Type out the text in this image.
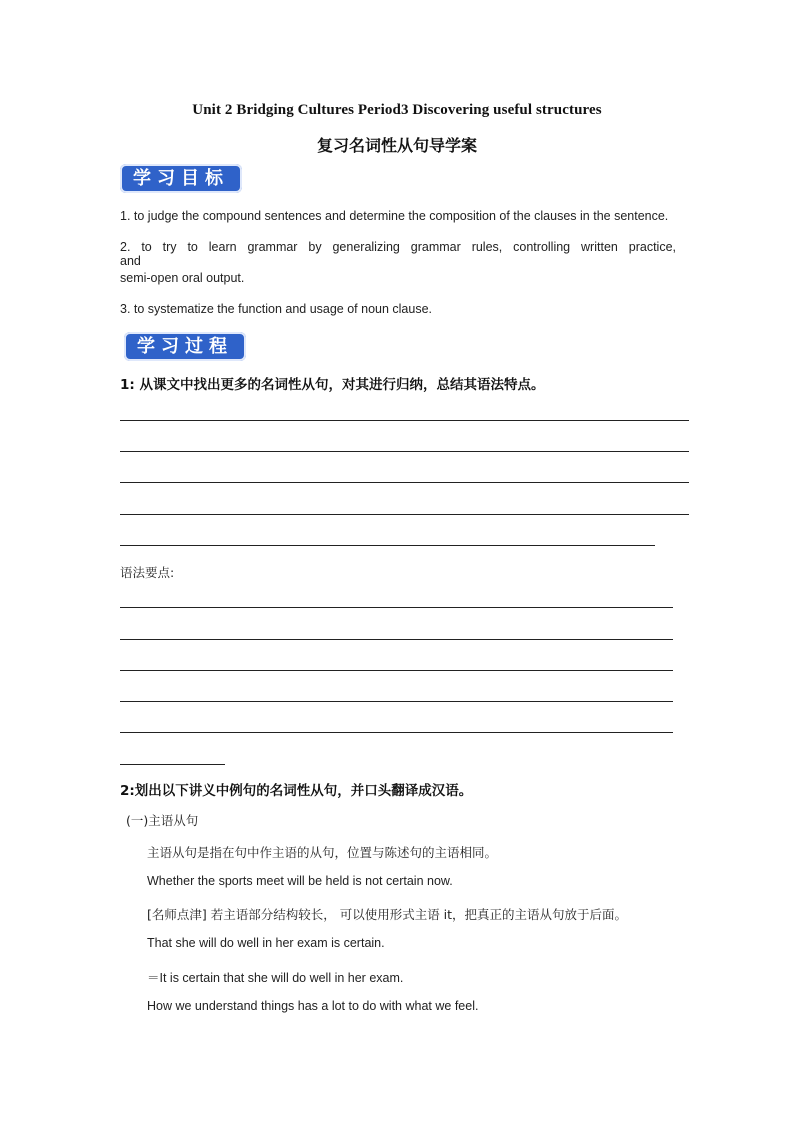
Unit 2 Bridging Cultures Period3 Discovering useful structures
复习名词性从句导学案
学习目标
1. to judge the compound sentences and determine the composition of the clauses in the sentence.
2. to try to learn grammar by generalizing grammar rules, controlling written practice, and
semi-open oral output.
3. to systematize the function and usage of noun clause.
学习过程
1: 从课文中找出更多的名词性从句，对其进行归纳，总结其语法特点。
语法要点:
2:划出以下讲义中例句的名词性从句，并口头翻译成汉语。
(一)主语从句
主语从句是指在句中作主语的从句，位置与陈述句的主语相同。
Whether the sports meet will be held is not certain now.
[名师点津] 若主语部分结构较长， 可以使用形式主语 it，把真正的主语从句放于后面。
That she will do well in her exam is certain.
＝It is certain that she will do well in her exam.
How we understand things has a lot to do with what we feel.
